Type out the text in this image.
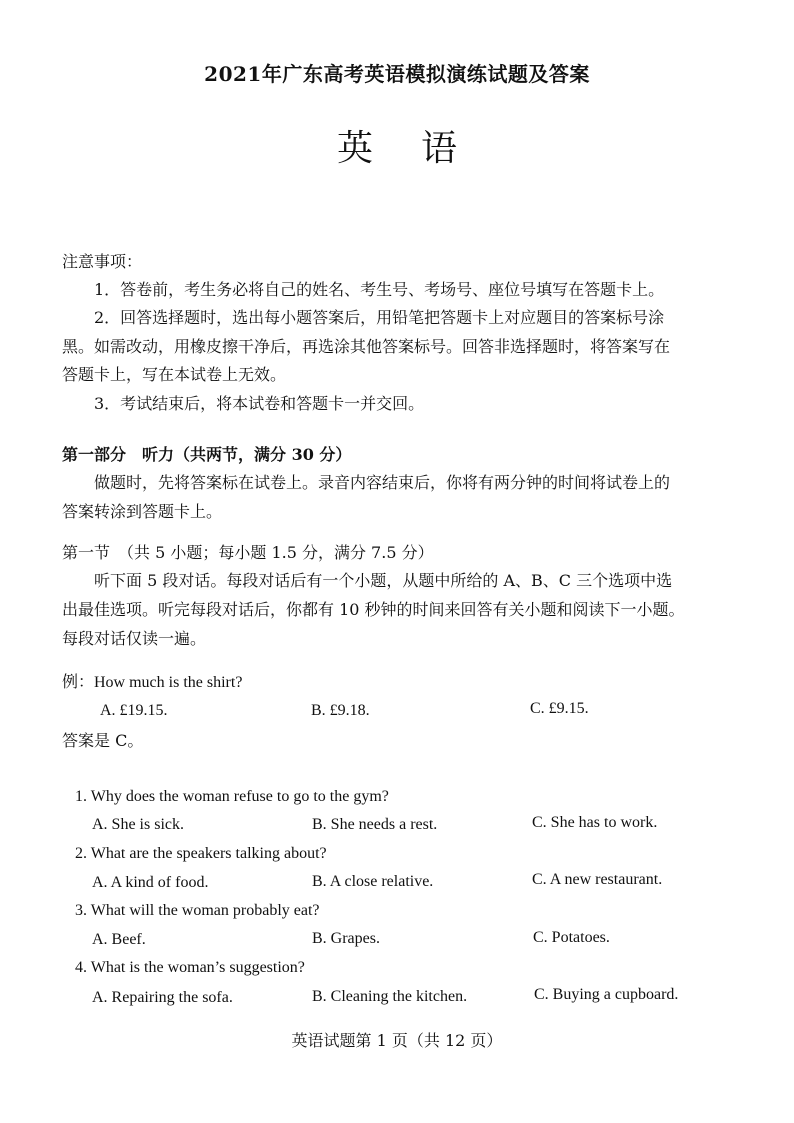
2021年广东高考英语模拟演练试题及答案
英语
注意事项：
1．答卷前，考生务必将自己的姓名、考生号、考场号、座位号填写在答题卡上。
2．回答选择题时，选出每小题答案后，用铅笔把答题卡上对应题目的答案标号涂
黑。如需改动，用橡皮擦干净后，再选涂其他答案标号。回答非选择题时，将答案写在
答题卡上，写在本试卷上无效。
3．考试结束后，将本试卷和答题卡一并交回。
第一部分　听力（共两节，满分 30 分）
做题时，先将答案标在试卷上。录音内容结束后，你将有两分钟的时间将试卷上的
答案转涂到答题卡上。
第一节　（共 5 小题；每小题 1.5 分，满分 7.5 分）
听下面 5 段对话。每段对话后有一个小题，从题中所给的 A、B、C 三个选项中选
出最佳选项。听完每段对话后，你都有 10 秒钟的时间来回答有关小题和阅读下一小题。
每段对话仅读一遍。
例：How much is the shirt?
A. £19.15.	B. £9.18.	C. £9.15.
答案是 C。
1. Why does the woman refuse to go to the gym?
A. She is sick.	B. She needs a rest.	C. She has to work.
2. What are the speakers talking about?
A. A kind of food.	B. A close relative.	C. A new restaurant.
3. What will the woman probably eat?
A. Beef.	B. Grapes.	C. Potatoes.
4. What is the woman’s suggestion?
A. Repairing the sofa.	B. Cleaning the kitchen.	C. Buying a cupboard.
英语试题第 1 页（共 12 页）
